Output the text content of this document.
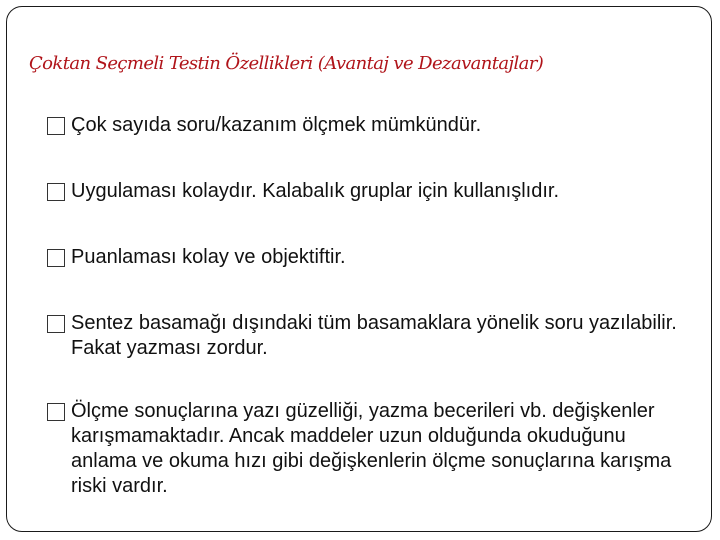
Çoktan Seçmeli Testin Özellikleri (Avantaj ve Dezavantajlar)
Çok sayıda soru/kazanım ölçmek mümkündür.
Uygulaması kolaydır. Kalabalık gruplar için kullanışlıdır.
Puanlaması kolay ve objektiftir.
Sentez basamağı dışındaki tüm basamaklara yönelik soru yazılabilir. Fakat yazması zordur.
Ölçme sonuçlarına yazı güzelliği, yazma becerileri vb. değişkenler karışmamaktadır. Ancak maddeler uzun olduğunda okuduğunu anlama ve okuma hızı gibi değişkenlerin ölçme sonuçlarına karışma riski vardır.
